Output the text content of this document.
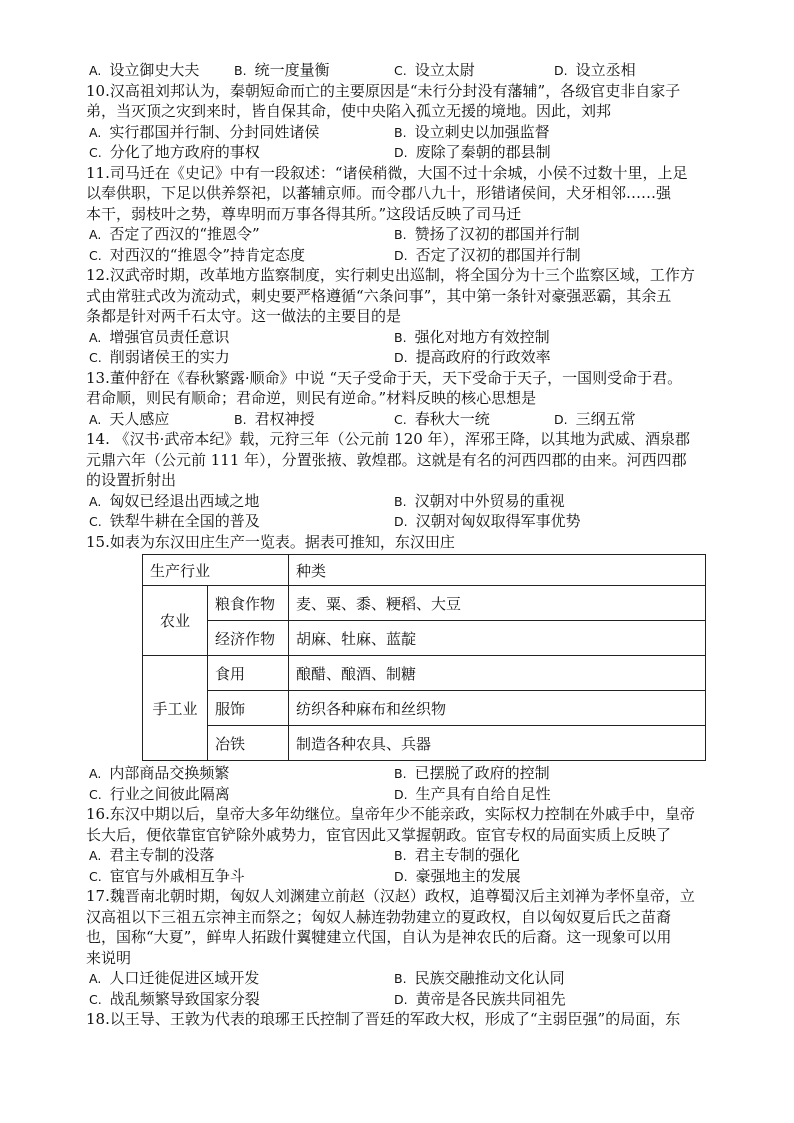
A. 设立御史大夫	B. 统一度量衡	C. 设立太尉	D. 设立丞相
10.汉高祖刘邦认为，秦朝短命而亡的主要原因是“未行分封没有藩辅”，各级官吏非自家子
弟，当灭顶之灾到来时，皆自保其命，使中央陷入孤立无援的境地。因此，刘邦
A. 实行郡国并行制、分封同姓诸侯	B. 设立刺史以加强监督
C. 分化了地方政府的事权	D. 废除了秦朝的郡县制
11.司马迁在《史记》中有一段叙述：“诸侯稍微，大国不过十余城，小侯不过数十里，上足
以奉供职，下足以供养祭祀，以蕃辅京师。而令郡八九十，形错诸侯间，犬牙相邻……强
本干，弱枝叶之势，尊卑明而万事各得其所。”这段话反映了司马迁
A. 否定了西汉的“推恩令”	B. 赞扬了汉初的郡国并行制
C. 对西汉的“推恩令”持肯定态度	D. 否定了汉初的郡国并行制
12.汉武帝时期，改革地方监察制度，实行刺史出巡制，将全国分为十三个监察区域，工作方
式由常驻式改为流动式，刺史要严格遵循“六条问事”，其中第一条针对豪强恶霸，其余五
条都是针对两千石太守。这一做法的主要目的是
A. 增强官员责任意识	B. 强化对地方有效控制
C. 削弱诸侯王的实力	D. 提高政府的行政效率
13.董仲舒在《春秋繁露·顺命》中说 “天子受命于天，天下受命于天子，一国则受命于君。
君命顺，则民有顺命；君命逆，则民有逆命。”材料反映的核心思想是
A. 天人感应	B. 君权神授	C. 春秋大一统	D. 三纲五常
14. 《汉书·武帝本纪》载，元狩三年（公元前 120 年），浑邪王降，以其地为武威、酒泉郡
元鼎六年（公元前 111 年），分置张掖、敦煌郡。这就是有名的河西四郡的由来。河西四郡
的设置折射出
A. 匈奴已经退出西域之地	B. 汉朝对中外贸易的重视
C. 铁犁牛耕在全国的普及	D. 汉朝对匈奴取得军事优势
15.如表为东汉田庄生产一览表。据表可推知，东汉田庄
生产行业		种类
农业	粮食作物	麦、粟、黍、粳稻、大豆
	经济作物	胡麻、牡麻、蓝靛
手工业	食用	酿醋、酿酒、制糖
	服饰	纺织各种麻布和丝织物
	冶铁	制造各种农具、兵器
A. 内部商品交换频繁	B. 已摆脱了政府的控制
C. 行业之间彼此隔离	D. 生产具有自给自足性
16.东汉中期以后，皇帝大多年幼继位。皇帝年少不能亲政，实际权力控制在外戚手中，皇帝
长大后，便依靠宦官铲除外戚势力，宦官因此又掌握朝政。宦官专权的局面实质上反映了
A. 君主专制的没落	B. 君主专制的强化
C. 宦官与外戚相互争斗	D. 豪强地主的发展
17.魏晋南北朝时期，匈奴人刘渊建立前赵（汉赵）政权，追尊蜀汉后主刘禅为孝怀皇帝，立
汉高祖以下三祖五宗神主而祭之；匈奴人赫连勃勃建立的夏政权，自以匈奴夏后氏之苗裔
也，国称“大夏”，鲜卑人拓跋什翼犍建立代国，自认为是神农氏的后裔。这一现象可以用
来说明
A. 人口迁徙促进区域开发	B. 民族交融推动文化认同
C. 战乱频繁导致国家分裂	D. 黄帝是各民族共同祖先
18.以王导、王敦为代表的琅琊王氏控制了晋廷的军政大权，形成了“主弱臣强”的局面，东
